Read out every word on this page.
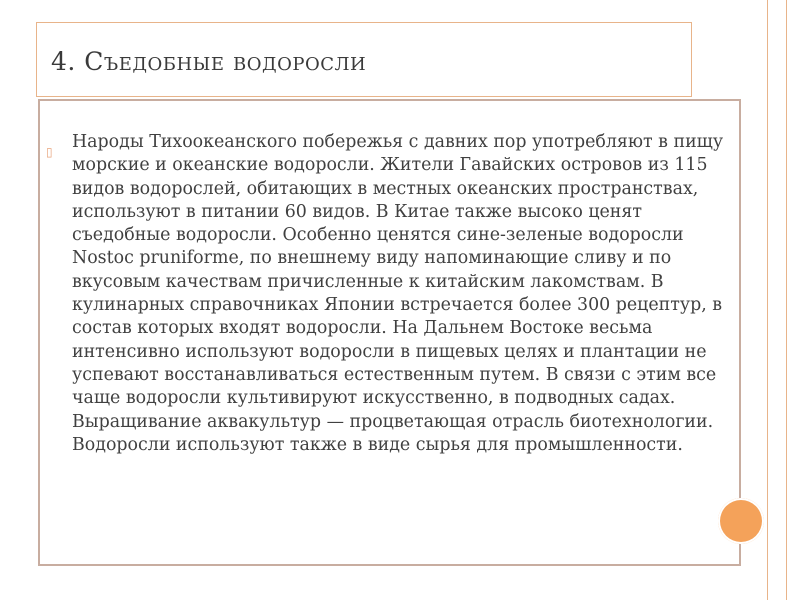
4. Съедобные водоросли
▯ Народы Тихоокеанского побережья с давних пор употребляют в пищу морские и океанские водоросли. Жители Гавайских островов из 115 видов водорослей, обитающих в местных океанских пространствах, используют в питании 60 видов. В Китае также высоко ценят съедобные водоросли. Особенно ценятся сине-зеленые водоросли Nostoc pruniforme, по внешнему виду напоминающие сливу и по вкусовым качествам причисленные к китайским лакомствам. В кулинарных справочниках Японии встречается более 300 рецептур, в состав которых входят водоросли. На Дальнем Востоке весьма интенсивно используют водоросли в пищевых целях и плантации не успевают восстанавливаться естественным путем. В связи с этим все чаще водоросли культивируют искусственно, в подводных садах. Выращивание аквакультур — процветающая отрасль биотехнологии. Водоросли используют также в виде сырья для промышленности.
